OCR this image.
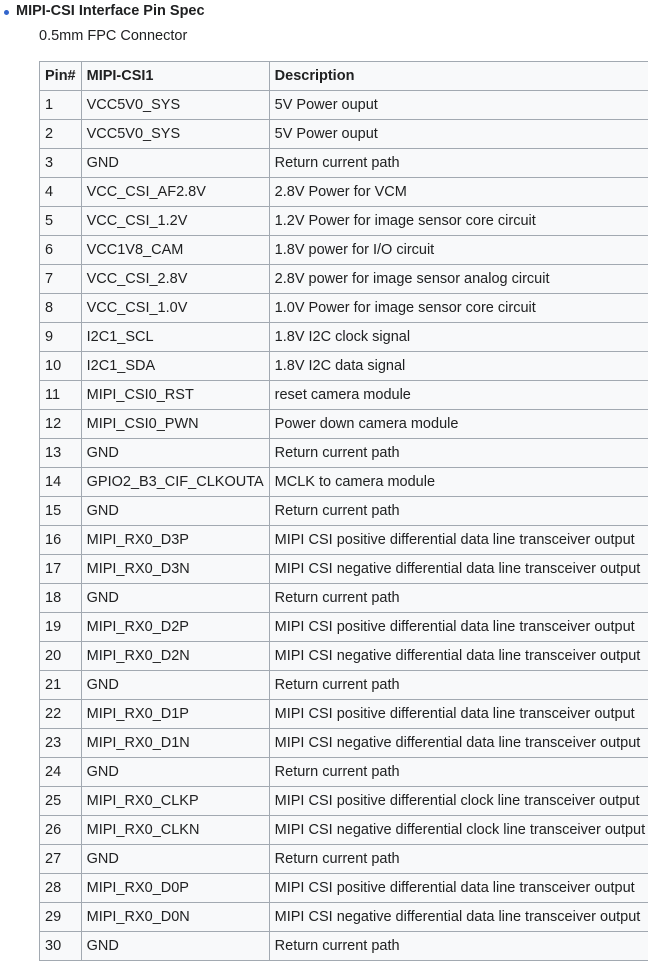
MIPI-CSI Interface Pin Spec
0.5mm FPC Connector
Pin#	MIPI-CSI1	Description
1	VCC5V0_SYS	5V Power ouput
2	VCC5V0_SYS	5V Power ouput
3	GND	Return current path
4	VCC_CSI_AF2.8V	2.8V Power for VCM
5	VCC_CSI_1.2V	1.2V Power for image sensor core circuit
6	VCC1V8_CAM	1.8V power for I/O circuit
7	VCC_CSI_2.8V	2.8V power for image sensor analog circuit
8	VCC_CSI_1.0V	1.0V Power for image sensor core circuit
9	I2C1_SCL	1.8V I2C clock signal
10	I2C1_SDA	1.8V I2C data signal
11	MIPI_CSI0_RST	reset camera module
12	MIPI_CSI0_PWN	Power down camera module
13	GND	Return current path
14	GPIO2_B3_CIF_CLKOUTA	MCLK to camera module
15	GND	Return current path
16	MIPI_RX0_D3P	MIPI CSI positive differential data line transceiver output
17	MIPI_RX0_D3N	MIPI CSI negative differential data line transceiver output
18	GND	Return current path
19	MIPI_RX0_D2P	MIPI CSI positive differential data line transceiver output
20	MIPI_RX0_D2N	MIPI CSI negative differential data line transceiver output
21	GND	Return current path
22	MIPI_RX0_D1P	MIPI CSI positive differential data line transceiver output
23	MIPI_RX0_D1N	MIPI CSI negative differential data line transceiver output
24	GND	Return current path
25	MIPI_RX0_CLKP	MIPI CSI positive differential clock line transceiver output
26	MIPI_RX0_CLKN	MIPI CSI negative differential clock line transceiver output
27	GND	Return current path
28	MIPI_RX0_D0P	MIPI CSI positive differential data line transceiver output
29	MIPI_RX0_D0N	MIPI CSI negative differential data line transceiver output
30	GND	Return current path
